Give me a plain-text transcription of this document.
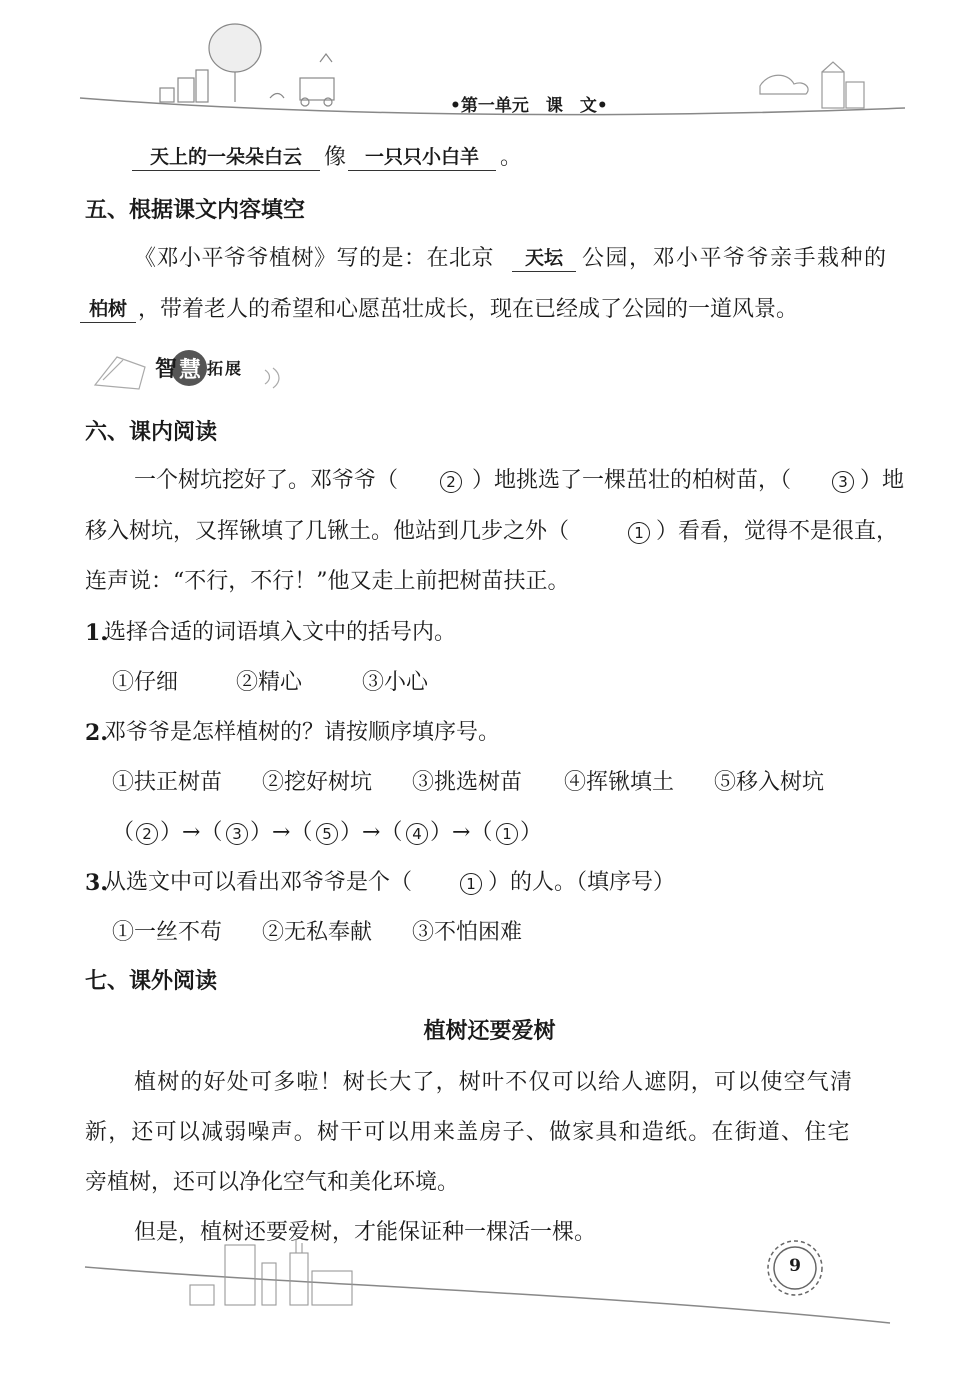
•第一单元　课　文•
天上的一朵朵白云	像 一只只小白羊 。
五、根据课文内容填空
《邓小平爷爷植树》写的是：在北京	天坛 公园，邓小平爷爷亲手栽种的
柏树 ，带着老人的希望和心愿茁壮成长，现在已经成了公园的一道风景。
智 慧 拓 展
六、课内阅读
一个树坑挖好了。邓爷爷（	2 ）地挑选了一棵茁壮的柏树苗，（	3 ）地
移入树坑，又挥锹填了几锹土。他站到几步之外（	1 ）看看，觉得不是很直，
连声说：“不行，不行！”他又走上前把树苗扶正。
1.
选择合适的词语填入文中的括号内。
①仔细	②精心	③小心
2.
邓爷爷是怎样植树的？请按顺序填序号。
①扶正树苗 ②挖好树坑 ③挑选树苗 ④挥锹填土 ⑤移入树坑
（ 2 ）→（ 3 ）→（ 5 ）→（ 4 ）→（ 1 ）
3.
从选文中可以看出邓爷爷是个（	1 ）的人。（填序号）
①一丝不苟 ②无私奉献 ③不怕困难
七、课外阅读
植树还要爱树
植树的好处可多啦！树长大了，树叶不仅可以给人遮阴，可以使空气清
新，还可以减弱噪声。树干可以用来盖房子、做家具和造纸。在街道、住宅
旁植树，还可以净化空气和美化环境。
但是，植树还要爱树，才能保证种一棵活一棵。
9
